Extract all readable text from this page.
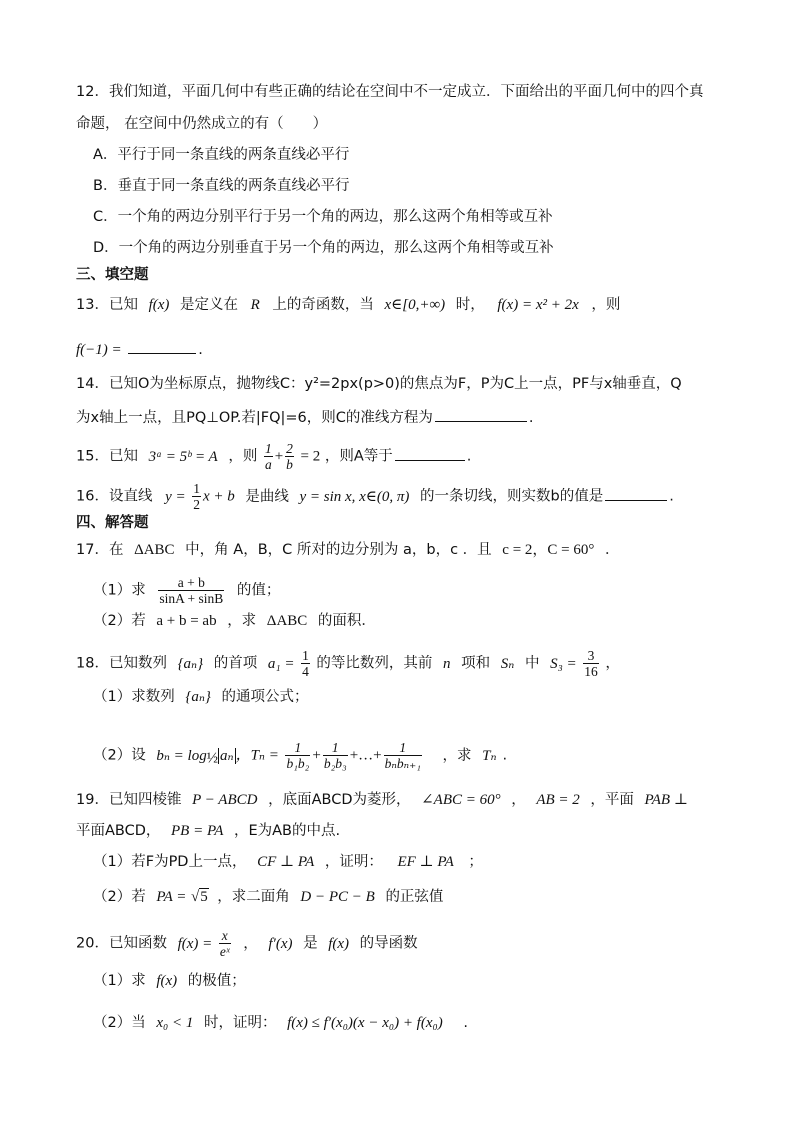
12．我们知道，平面几何中有些正确的结论在空间中不一定成立．下面给出的平面几何中的四个真
命题， 在空间中仍然成立的有（　　）
A．平行于同一条直线的两条直线必平行
B．垂直于同一条直线的两条直线必平行
C．一个角的两边分别平行于另一个角的两边，那么这两个角相等或互补
D．一个角的两边分别垂直于另一个角的两边，那么这两个角相等或互补
三、填空题
13．已知 f(x) 是定义在 R 上的奇函数，当 x∈[0,+∞) 时， f(x) = x² + 2x ，则
f(−1) =	.
14．已知O为坐标原点，抛物线C：y²=2px(p>0)的焦点为F，P为C上一点，PF与x轴垂直，Q
为x轴上一点，且PQ⊥OP.若|FQ|=6，则C的准线方程为	.
15．已知 3ᵃ = 5ᵇ = A ，则 $\frac{1}{a} + \frac{2}{b} = 2$ ，则A等于	.
16．设直线 $y = \frac{1}{2}$ x + b 是曲线 y = sin x, x∈(0, π) 的一条切线，则实数b的值是	.
四、解答题
17．在 ΔABC 中，角 A，B，C 所对的边分别为 a，b，c ．且 c = 2，C = 60° ．
（1）求 $\frac{a + b}{\sin A + \sin B}$ 的值；
（2）若 a + b = ab ，求 ΔABC 的面积．
18．已知数列 {aₙ} 的首项 $a_1 = \frac{1}{4}$ 的等比数列，其前 n 项和 Sₙ 中 $S_3 = \frac{3}{16}$ ，
（1）求数列 {aₙ} 的通项公式；
（2）设 $b_n = \log_{\frac{1}{2}} a_n$ ，$T_n = \frac{1}{\text{b₁b₂}} + \frac{1}{\text{b₂b₃}}$ +…+ $\frac{1}{\text{bₙbₙ₊₁}}$ ，求 Tₙ .
19．已知四棱锥 P − ABCD ，底面ABCD为菱形， ∠ABC = 60° ， AB = 2 ，平面 PAB ⊥
平面ABCD， PB = PA ，E为AB的中点.
（1）若F为PD上一点， CF ⊥ PA ，证明： EF ⊥ PA ；
（2）若 PA = √5 ，求二面角 D − PC − B 的正弦值
20．已知函数 $f(x) = \frac{x}{\text{eˣ}}$ ， f′(x) 是 f(x) 的导函数
（1）求 f(x) 的极值；
（2）当 x₀ < 1 时，证明： f(x) ≤ f′(x₀)(x − x₀) + f(x₀) .
